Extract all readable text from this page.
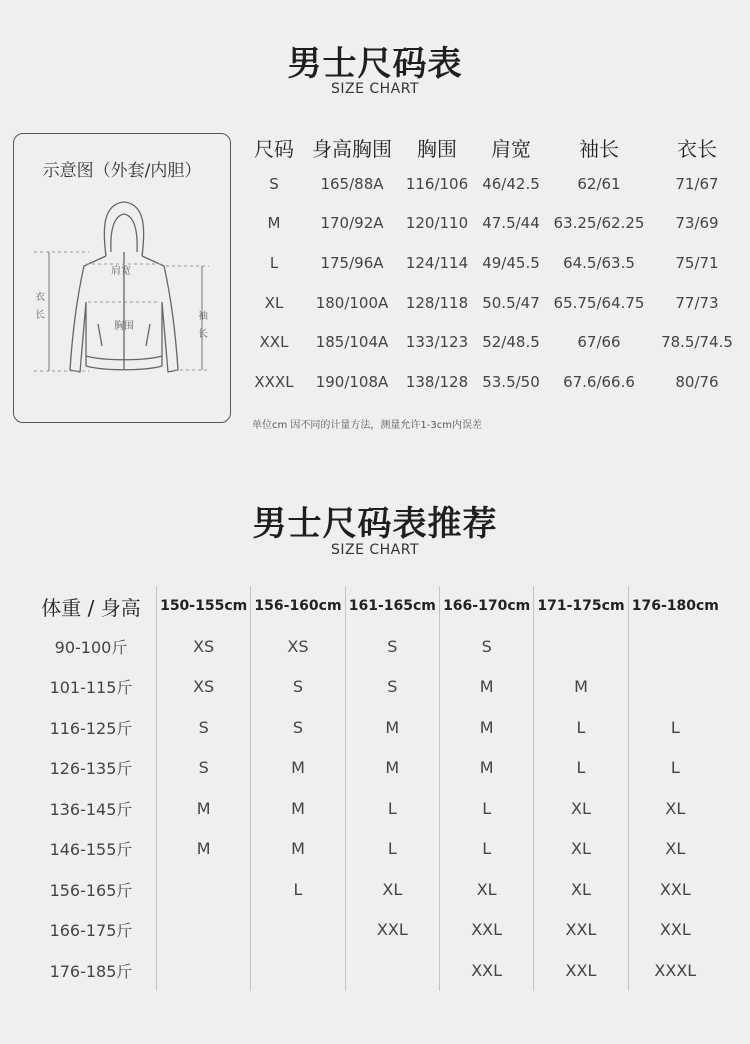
男士尺码表
SIZE CHART
示意图（外套/内胆）
肩宽
胸围
衣
长	袖
长
尺码	身高胸围	胸围	肩宽	袖长	衣长
S	165/88A	116/106	46/42.5	62/61	71/67
M	170/92A	120/110	47.5/44	63.25/62.25	73/69
L	175/96A	124/114	49/45.5	64.5/63.5	75/71
XL	180/100A	128/118	50.5/47	65.75/64.75	77/73
XXL	185/104A	133/123	52/48.5	67/66	78.5/74.5
XXXL	190/108A	138/128	53.5/50	67.6/66.6	80/76
单位cm 因不同的计量方法，测量允许1-3cm内误差
男士尺码表推荐
SIZE CHART
体重 / 身高	150-155cm	156-160cm	161-165cm	166-170cm	171-175cm	176-180cm
90-100斤	XS	XS	S	S		
101-115斤	XS	S	S	M	M	
116-125斤	S	S	M	M	L	L
126-135斤	S	M	M	M	L	L
136-145斤	M	M	L	L	XL	XL
146-155斤	M	M	L	L	XL	XL
156-165斤		L	XL	XL	XL	XXL
166-175斤			XXL	XXL	XXL	XXL
176-185斤				XXL	XXL	XXXL
